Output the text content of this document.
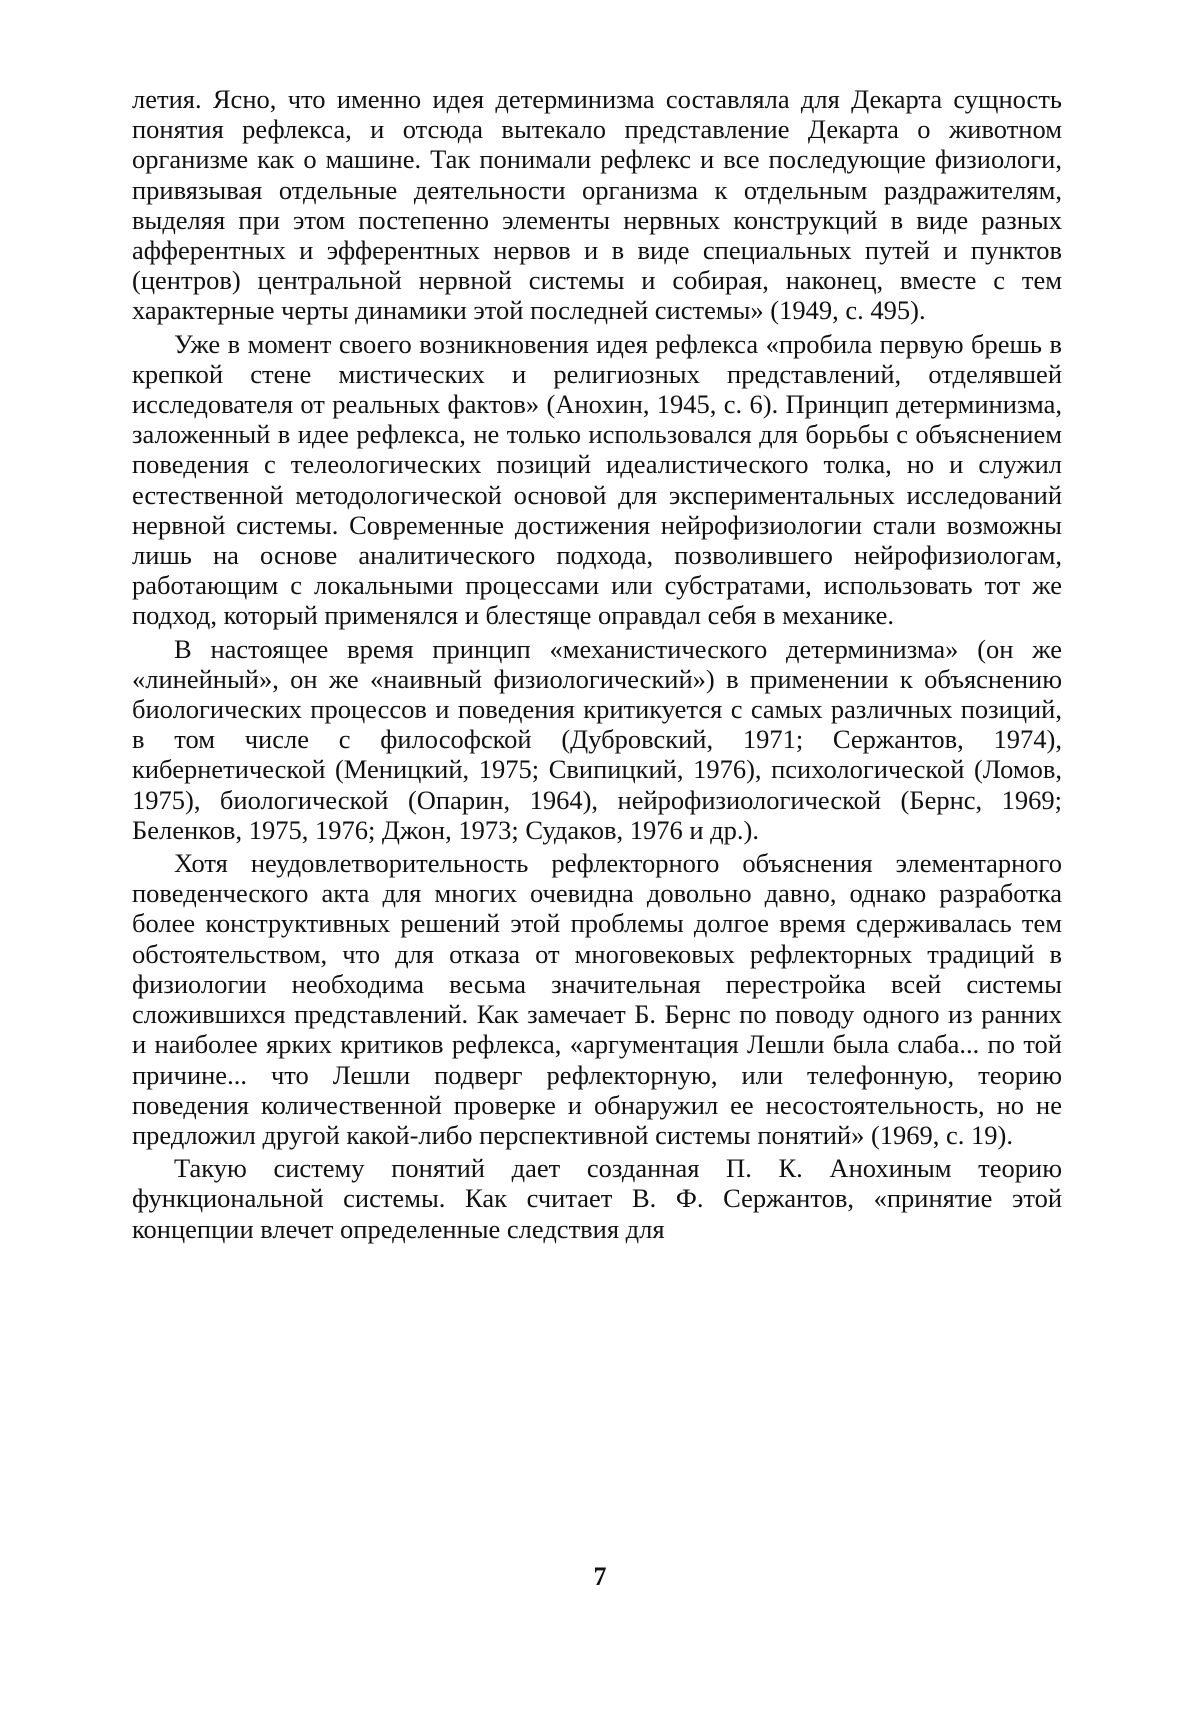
летия. Ясно, что именно идея детерминизма составляла для Декарта сущность понятия рефлекса, и отсюда вытекало представление Декарта о животном организме как о машине. Так понимали рефлекс и все последующие физиологи, привязывая отдельные деятельности организма к отдельным раздражителям, выделяя при этом постепенно элементы нервных конструкций в виде разных афферентных и эфферентных нервов и в виде специальных путей и пунктов (центров) центральной нервной системы и собирая, наконец, вместе с тем характерные черты динамики этой последней системы» (1949, с. 495).

Уже в момент своего возникновения идея рефлекса «пробила первую брешь в крепкой стене мистических и религиозных представлений, отделявшей исследователя от реальных фактов» (Анохин, 1945, с. 6). Принцип детерминизма, заложенный в идее рефлекса, не только использовался для борьбы с объяснением поведения с телеологических позиций идеалистического толка, но и служил естественной методологической основой для экспериментальных исследований нервной системы. Современные достижения нейрофизиологии стали возможны лишь на основе аналитического подхода, позволившего нейрофизиологам, работающим с локальными процессами или субстратами, использовать тот же подход, который применялся и блестяще оправдал себя в механике.

В настоящее время принцип «механистического детерминизма» (он же «линейный», он же «наивный физиологический») в применении к объяснению биологических процессов и поведения критикуется с самых различных позиций, в том числе с философской (Дубровский, 1971; Сержантов, 1974), кибернетической (Меницкий, 1975; Свипицкий, 1976), психологической (Ломов, 1975), биологической (Опарин, 1964), нейрофизиологической (Бернс, 1969; Беленков, 1975, 1976; Джон, 1973; Судаков, 1976 и др.).

Хотя неудовлетворительность рефлекторного объяснения элементарного поведенческого акта для многих очевидна довольно давно, однако разработка более конструктивных решений этой проблемы долгое время сдерживалась тем обстоятельством, что для отказа от многовековых рефлекторных традиций в физиологии необходима весьма значительная перестройка всей системы сложившихся представлений. Как замечает Б. Бернс по поводу одного из ранних и наиболее ярких критиков рефлекса, «аргументация Лешли была слаба... по той причине... что Лешли подверг рефлекторную, или телефонную, теорию поведения количественной проверке и обнаружил ее несостоятельность, но не предложил другой какой-либо перспективной системы понятий» (1969, с. 19).

Такую систему понятий дает созданная П. К. Анохиным теорию функциональной системы. Как считает В. Ф. Сержантов, «принятие этой концепции влечет определенные следствия для

7
